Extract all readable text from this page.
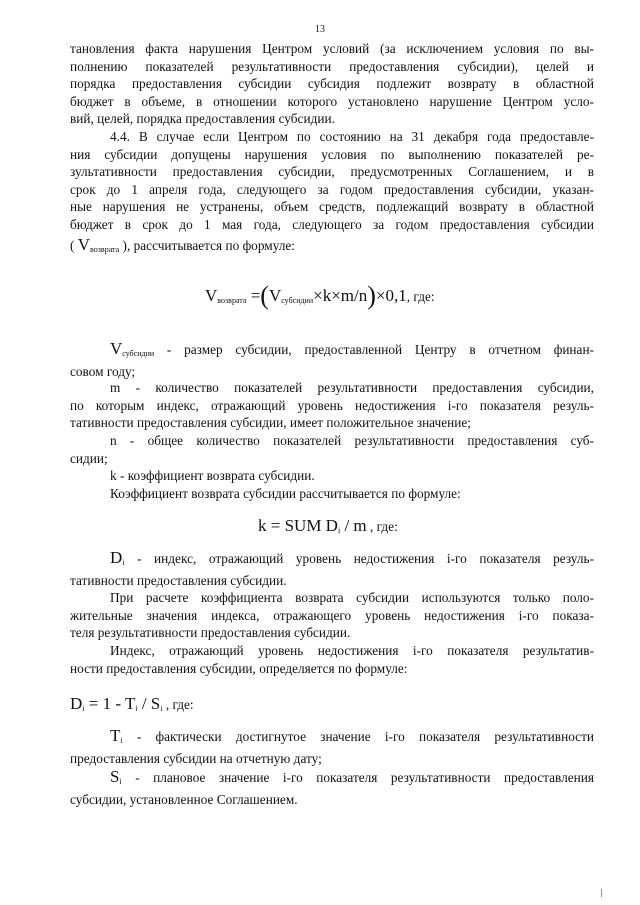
13
тановления факта нарушения Центром условий (за исключением условия по вы-
полнению показателей результативности предоставления субсидии), целей и
порядка предоставления субсидии субсидия подлежит возврату в областной
бюджет в объеме, в отношении которого установлено нарушение Центром усло-
вий, целей, порядка предоставления субсидии.
4.4. В случае если Центром по состоянию на 31 декабря года предоставле-
ния субсидии допущены нарушения условия по выполнению показателей ре-
зультативности предоставления субсидии, предусмотренных Соглашением, и в
срок до 1 апреля года, следующего за годом предоставления субсидии, указан-
ные нарушения не устранены, объем средств, подлежащий возврату в областной
бюджет в срок до 1 мая года, следующего за годом предоставления субсидии
( $V_{возврата}$ ), рассчитывается по формуле:
$V_{возврата} =(V_{субсидии}\times k\times m/n)\times 0,1$, где:
$V_{субсидии}$ - размер субсидии, предоставленной Центру в отчетном финан-
совом году;
m - количество показателей результативности предоставления субсидии,
по которым индекс, отражающий уровень недостижения i-го показателя резуль-
тативности предоставления субсидии, имеет положительное значение;
n - общее количество показателей результативности предоставления суб-
сидии;
k - коэффициент возврата субсидии.
Коэффициент возврата субсидии рассчитывается по формуле:
k = SUM $D_i$ / m , где:
$D_i$ - индекс, отражающий уровень недостижения i-го показателя резуль-
тативности предоставления субсидии.
При расчете коэффициента возврата субсидии используются только поло-
жительные значения индекса, отражающего уровень недостижения i-го показа-
теля результативности предоставления субсидии.
Индекс, отражающий уровень недостижения i-го показателя результатив-
ности предоставления субсидии, определяется по формуле:
$D_i = 1 - T_i / S_i$ , где:
$T_i$ - фактически достигнутое значение i-го показателя результативности
предоставления субсидии на отчетную дату;
$S_i$ - плановое значение i-го показателя результативности предоставления
субсидии, установленное Соглашением.
